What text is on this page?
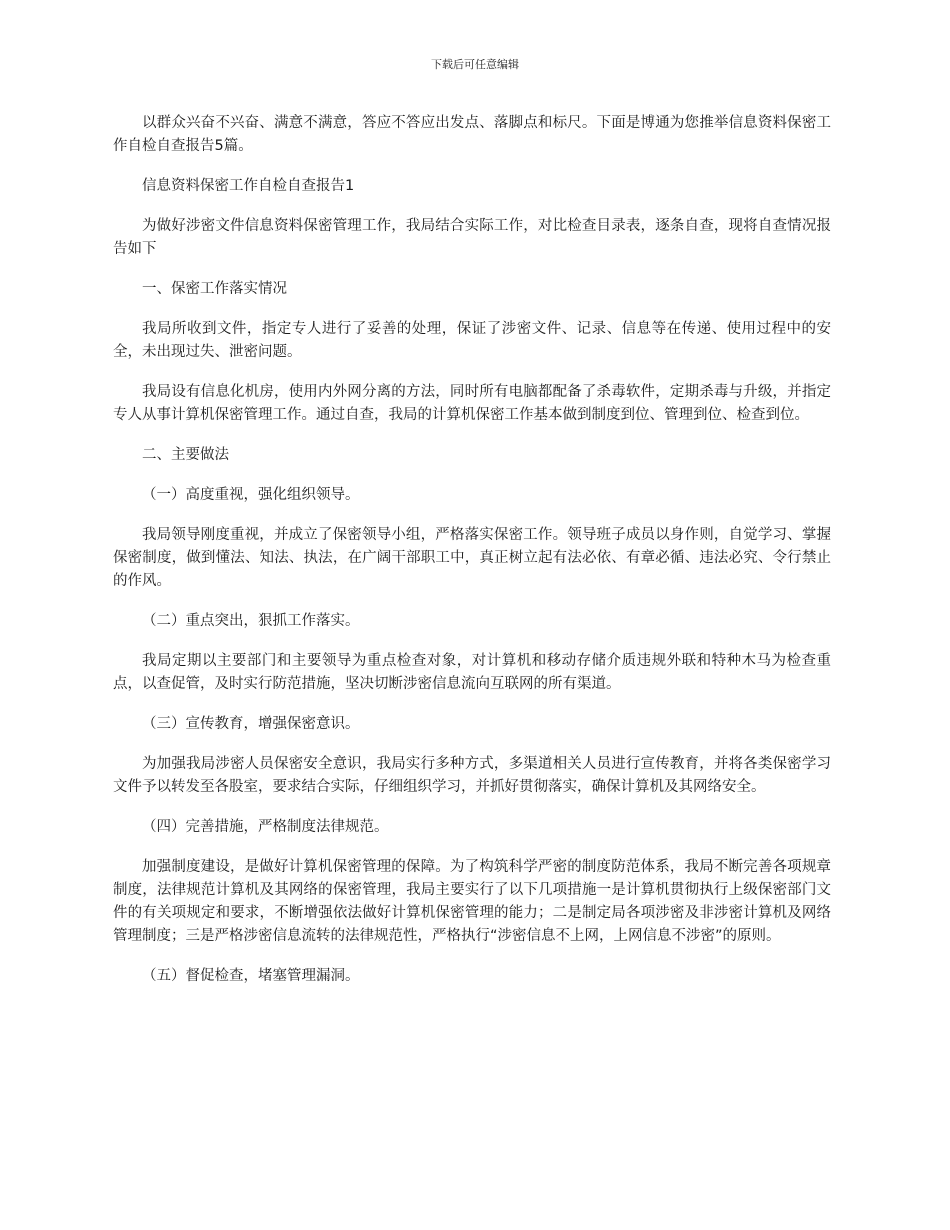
下载后可任意编辑

以群众兴奋不兴奋、满意不满意，答应不答应出发点、落脚点和标尺。下面是博通为您推举信息资料保密工作自检自查报告5篇。

信息资料保密工作自检自查报告1

为做好涉密文件信息资料保密管理工作，我局结合实际工作，对比检查目录表，逐条自查，现将自查情况报告如下

一、保密工作落实情况

我局所收到文件，指定专人进行了妥善的处理，保证了涉密文件、记录、信息等在传递、使用过程中的安全，未出现过失、泄密问题。

我局设有信息化机房，使用内外网分离的方法，同时所有电脑都配备了杀毒软件，定期杀毒与升级，并指定专人从事计算机保密管理工作。通过自查，我局的计算机保密工作基本做到制度到位、管理到位、检查到位。

二、主要做法

（一）高度重视，强化组织领导。

我局领导刚度重视，并成立了保密领导小组，严格落实保密工作。领导班子成员以身作则，自觉学习、掌握保密制度，做到懂法、知法、执法，在广阔干部职工中，真正树立起有法必依、有章必循、违法必究、令行禁止的作风。

（二）重点突出，狠抓工作落实。

我局定期以主要部门和主要领导为重点检查对象，对计算机和移动存储介质违规外联和特种木马为检查重点，以查促管，及时实行防范措施，坚决切断涉密信息流向互联网的所有渠道。

（三）宣传教育，增强保密意识。

为加强我局涉密人员保密安全意识，我局实行多种方式，多渠道相关人员进行宣传教育，并将各类保密学习文件予以转发至各股室，要求结合实际，仔细组织学习，并抓好贯彻落实，确保计算机及其网络安全。

（四）完善措施，严格制度法律规范。

加强制度建设，是做好计算机保密管理的保障。为了构筑科学严密的制度防范体系，我局不断完善各项规章制度，法律规范计算机及其网络的保密管理，我局主要实行了以下几项措施一是计算机贯彻执行上级保密部门文件的有关项规定和要求，不断增强依法做好计算机保密管理的能力；二是制定局各项涉密及非涉密计算机及网络管理制度；三是严格涉密信息流转的法律规范性，严格执行“涉密信息不上网，上网信息不涉密”的原则。

（五）督促检查，堵塞管理漏洞。
